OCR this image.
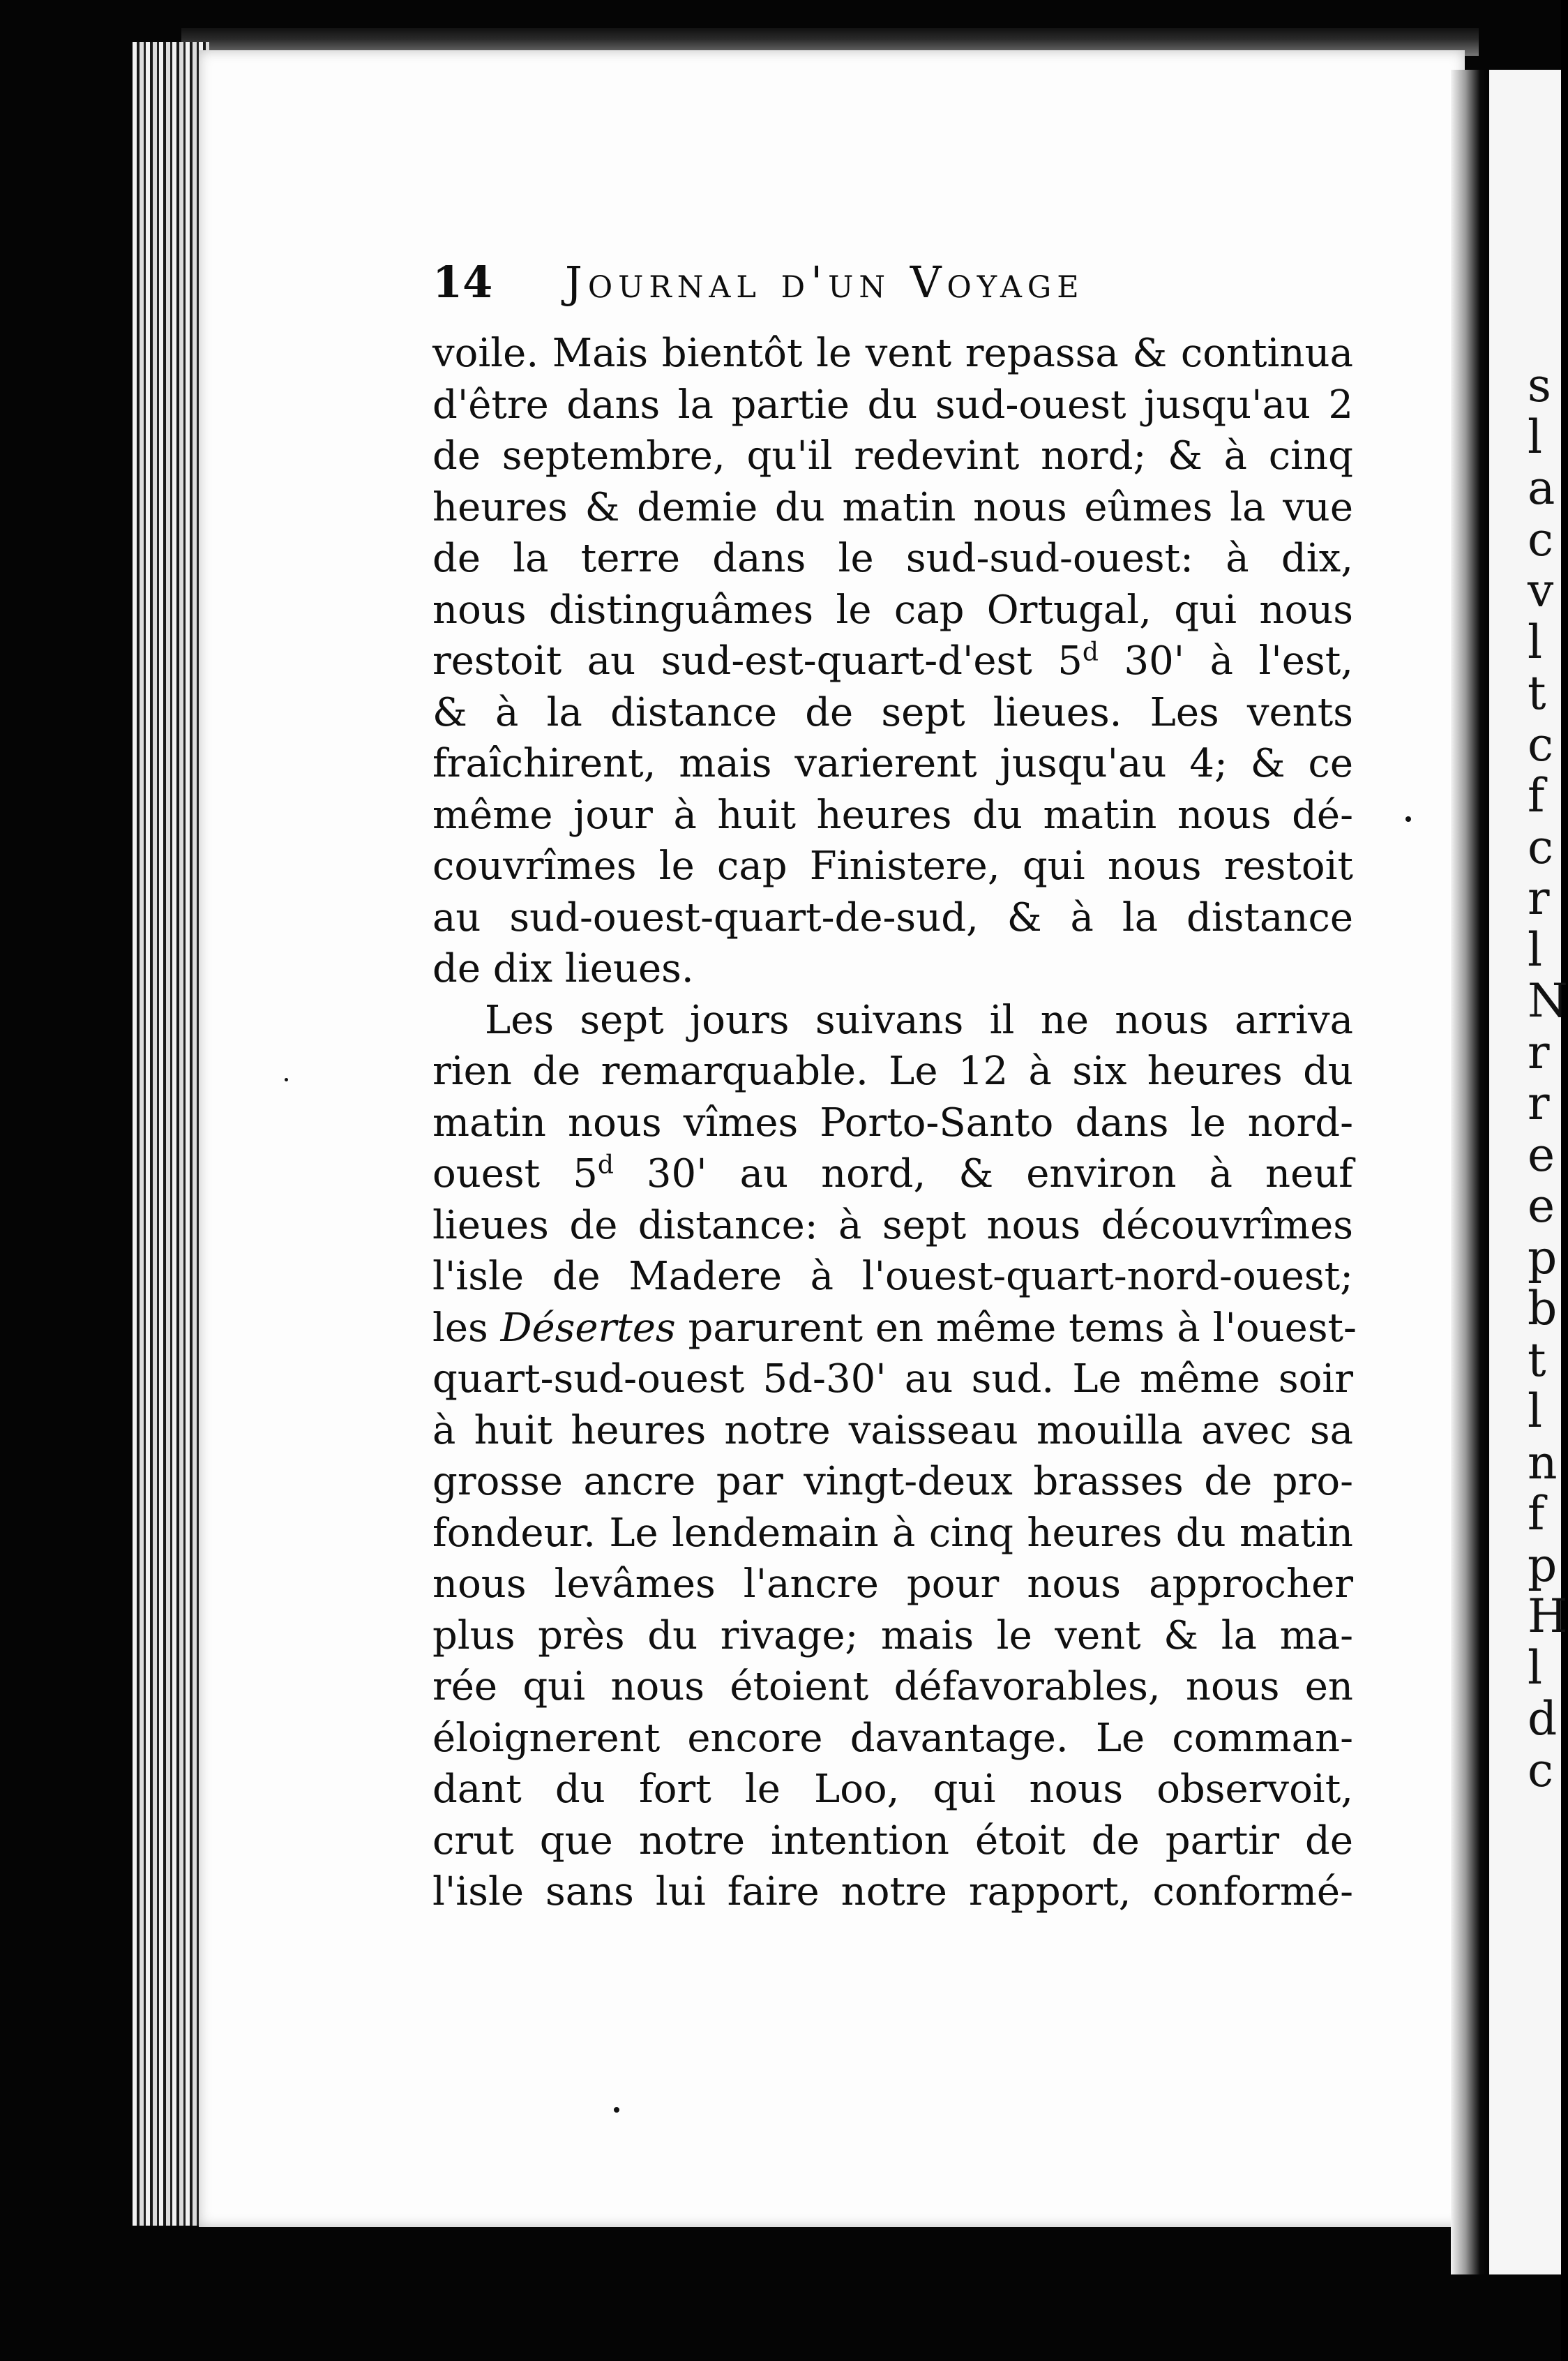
s
l
a
c
v
l
t
c
f
c
r
l
N
r
r
e
e
p
b
t
l
n
f
p
H
l
d
c
14 Journal d'un Voyage
voile. Mais bientôt le vent repassa & continua
d'être dans la partie du sud-ouest jusqu'au 2
de septembre, qu'il redevint nord; & à cinq
heures & demie du matin nous eûmes la vue
de la terre dans le sud-sud-ouest: à dix,
nous distinguâmes le cap Ortugal, qui nous
restoit au sud-est-quart-d'est 5$^d$ 30' à l'est,
& à la distance de sept lieues. Les vents
fraîchirent, mais varierent jusqu'au 4; & ce
même jour à huit heures du matin nous dé-
couvrîmes le cap Finistere, qui nous restoit
au sud-ouest-quart-de-sud, & à la distance
de dix lieues.
Les sept jours suivans il ne nous arriva
rien de remarquable. Le 12 à six heures du
matin nous vîmes Porto-Santo dans le nord-
ouest 5$^d$ 30' au nord, & environ à neuf
lieues de distance: à sept nous découvrîmes
l'isle de Madere à l'ouest-quart-nord-ouest;
les Désertes parurent en même tems à l'ouest-
quart-sud-ouest 5d-30' au sud. Le même soir
à huit heures notre vaisseau mouilla avec sa
grosse ancre par vingt-deux brasses de pro-
fondeur. Le lendemain à cinq heures du matin
nous levâmes l'ancre pour nous approcher
plus près du rivage; mais le vent & la ma-
rée qui nous étoient défavorables, nous en
éloignerent encore davantage. Le comman-
dant du fort le Loo, qui nous observoit,
crut que notre intention étoit de partir de
l'isle sans lui faire notre rapport, conformé-
